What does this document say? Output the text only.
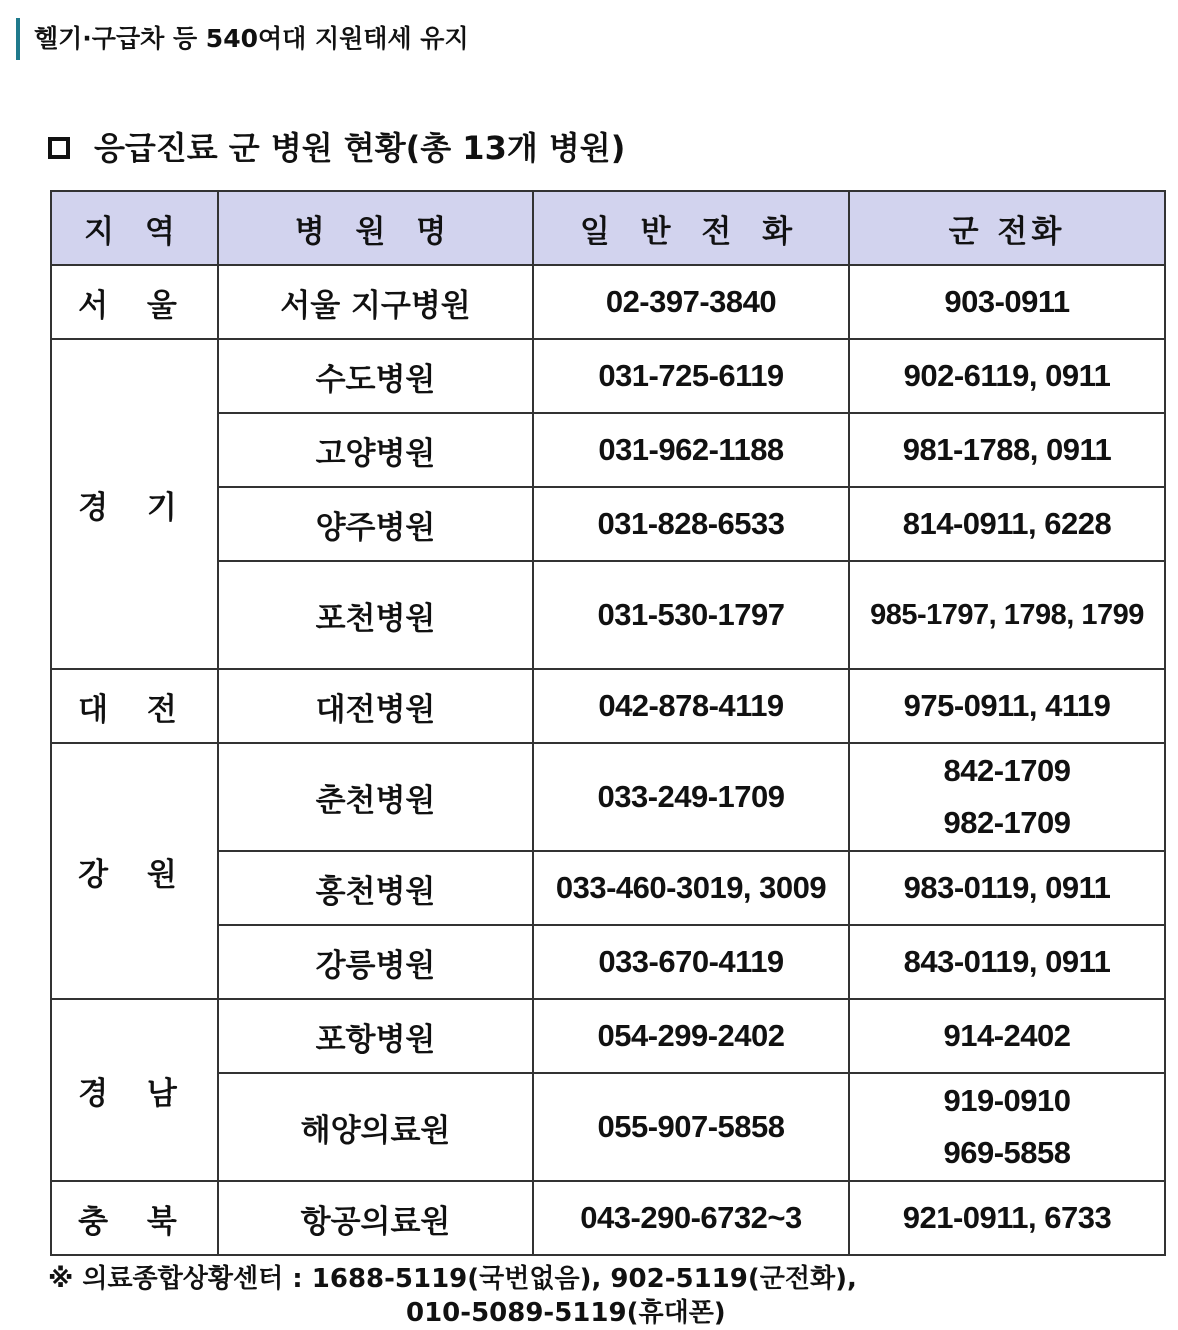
헬기·구급차 등 540여대 지원태세 유지
응급진료 군 병원 현황(총 13개 병원)
지 역	병 원 명	일 반 전 화	군 전화
서 울	서울 지구병원	02-397-3840	903-0911
경 기	수도병원	031-725-6119	902-6119, 0911
	고양병원	031-962-1188	981-1788, 0911
	양주병원	031-828-6533	814-0911, 6228
	포천병원	031-530-1797	985-1797, 1798, 1799
대 전	대전병원	042-878-4119	975-0911, 4119
강 원	춘천병원	033-249-1709	842-1709
982-1709

	홍천병원	033-460-3019, 3009	983-0119, 0911
	강릉병원	033-670-4119	843-0119, 0911
경 남	포항병원	054-299-2402	914-2402
	해양의료원	055-907-5858	919-0910
969-5858

충 북	항공의료원	043-290-6732~3	921-0911, 6733
※ 의료종합상황센터 : 1688-5119(국번없음), 902-5119(군전화),
010-5089-5119(휴대폰)
